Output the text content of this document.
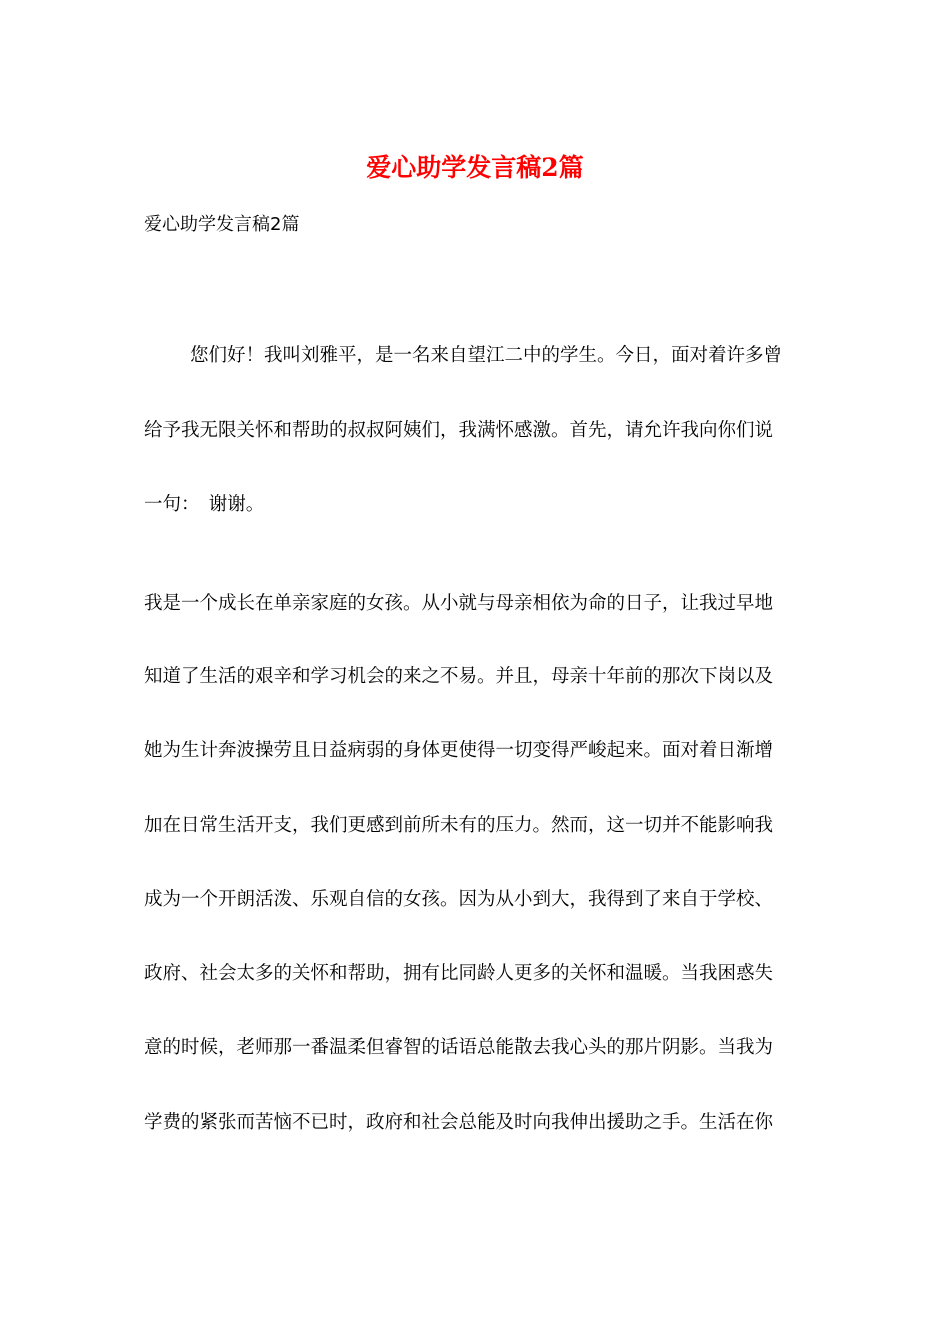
爱心助学发言稿2篇

爱心助学发言稿2篇

您们好！我叫刘雅平，是一名来自望江二中的学生。今日，面对着许多曾

给予我无限关怀和帮助的叔叔阿姨们，我满怀感激。首先，请允许我向你们说

一句：　谢谢。

我是一个成长在单亲家庭的女孩。从小就与母亲相依为命的日子，让我过早地

知道了生活的艰辛和学习机会的来之不易。并且，母亲十年前的那次下岗以及

她为生计奔波操劳且日益病弱的身体更使得一切变得严峻起来。面对着日渐增

加在日常生活开支，我们更感到前所未有的压力。然而，这一切并不能影响我

成为一个开朗活泼、乐观自信的女孩。因为从小到大，我得到了来自于学校、

政府、社会太多的关怀和帮助，拥有比同龄人更多的关怀和温暖。当我困惑失

意的时候，老师那一番温柔但睿智的话语总能散去我心头的那片阴影。当我为

学费的紧张而苦恼不已时，政府和社会总能及时向我伸出援助之手。生活在你
